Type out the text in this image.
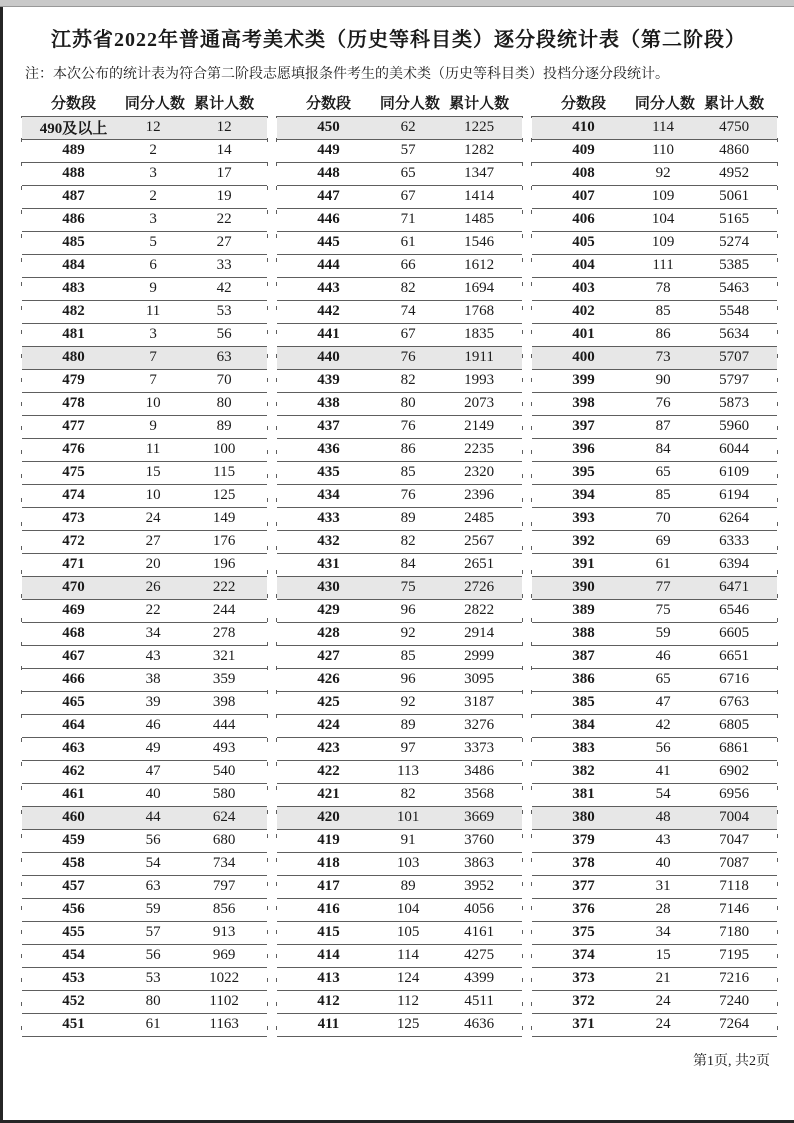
江苏省2022年普通高考美术类（历史等科目类）逐分段统计表（第二阶段）
注：本次公布的统计表为符合第二阶段志愿填报条件考生的美术类（历史等科目类）投档分逐分段统计。
分数段	同分人数	累计人数
490及以上	12	12
489	2	14
488	3	17
487	2	19
486	3	22
485	5	27
484	6	33
483	9	42
482	11	53
481	3	56
480	7	63
479	7	70
478	10	80
477	9	89
476	11	100
475	15	115
474	10	125
473	24	149
472	27	176
471	20	196
470	26	222
469	22	244
468	34	278
467	43	321
466	38	359
465	39	398
464	46	444
463	49	493
462	47	540
461	40	580
460	44	624
459	56	680
458	54	734
457	63	797
456	59	856
455	57	913
454	56	969
453	53	1022
452	80	1102
451	61	1163
分数段	同分人数	累计人数
450	62	1225
449	57	1282
448	65	1347
447	67	1414
446	71	1485
445	61	1546
444	66	1612
443	82	1694
442	74	1768
441	67	1835
440	76	1911
439	82	1993
438	80	2073
437	76	2149
436	86	2235
435	85	2320
434	76	2396
433	89	2485
432	82	2567
431	84	2651
430	75	2726
429	96	2822
428	92	2914
427	85	2999
426	96	3095
425	92	3187
424	89	3276
423	97	3373
422	113	3486
421	82	3568
420	101	3669
419	91	3760
418	103	3863
417	89	3952
416	104	4056
415	105	4161
414	114	4275
413	124	4399
412	112	4511
411	125	4636
分数段	同分人数	累计人数
410	114	4750
409	110	4860
408	92	4952
407	109	5061
406	104	5165
405	109	5274
404	111	5385
403	78	5463
402	85	5548
401	86	5634
400	73	5707
399	90	5797
398	76	5873
397	87	5960
396	84	6044
395	65	6109
394	85	6194
393	70	6264
392	69	6333
391	61	6394
390	77	6471
389	75	6546
388	59	6605
387	46	6651
386	65	6716
385	47	6763
384	42	6805
383	56	6861
382	41	6902
381	54	6956
380	48	7004
379	43	7047
378	40	7087
377	31	7118
376	28	7146
375	34	7180
374	15	7195
373	21	7216
372	24	7240
371	24	7264
第1页, 共2页
